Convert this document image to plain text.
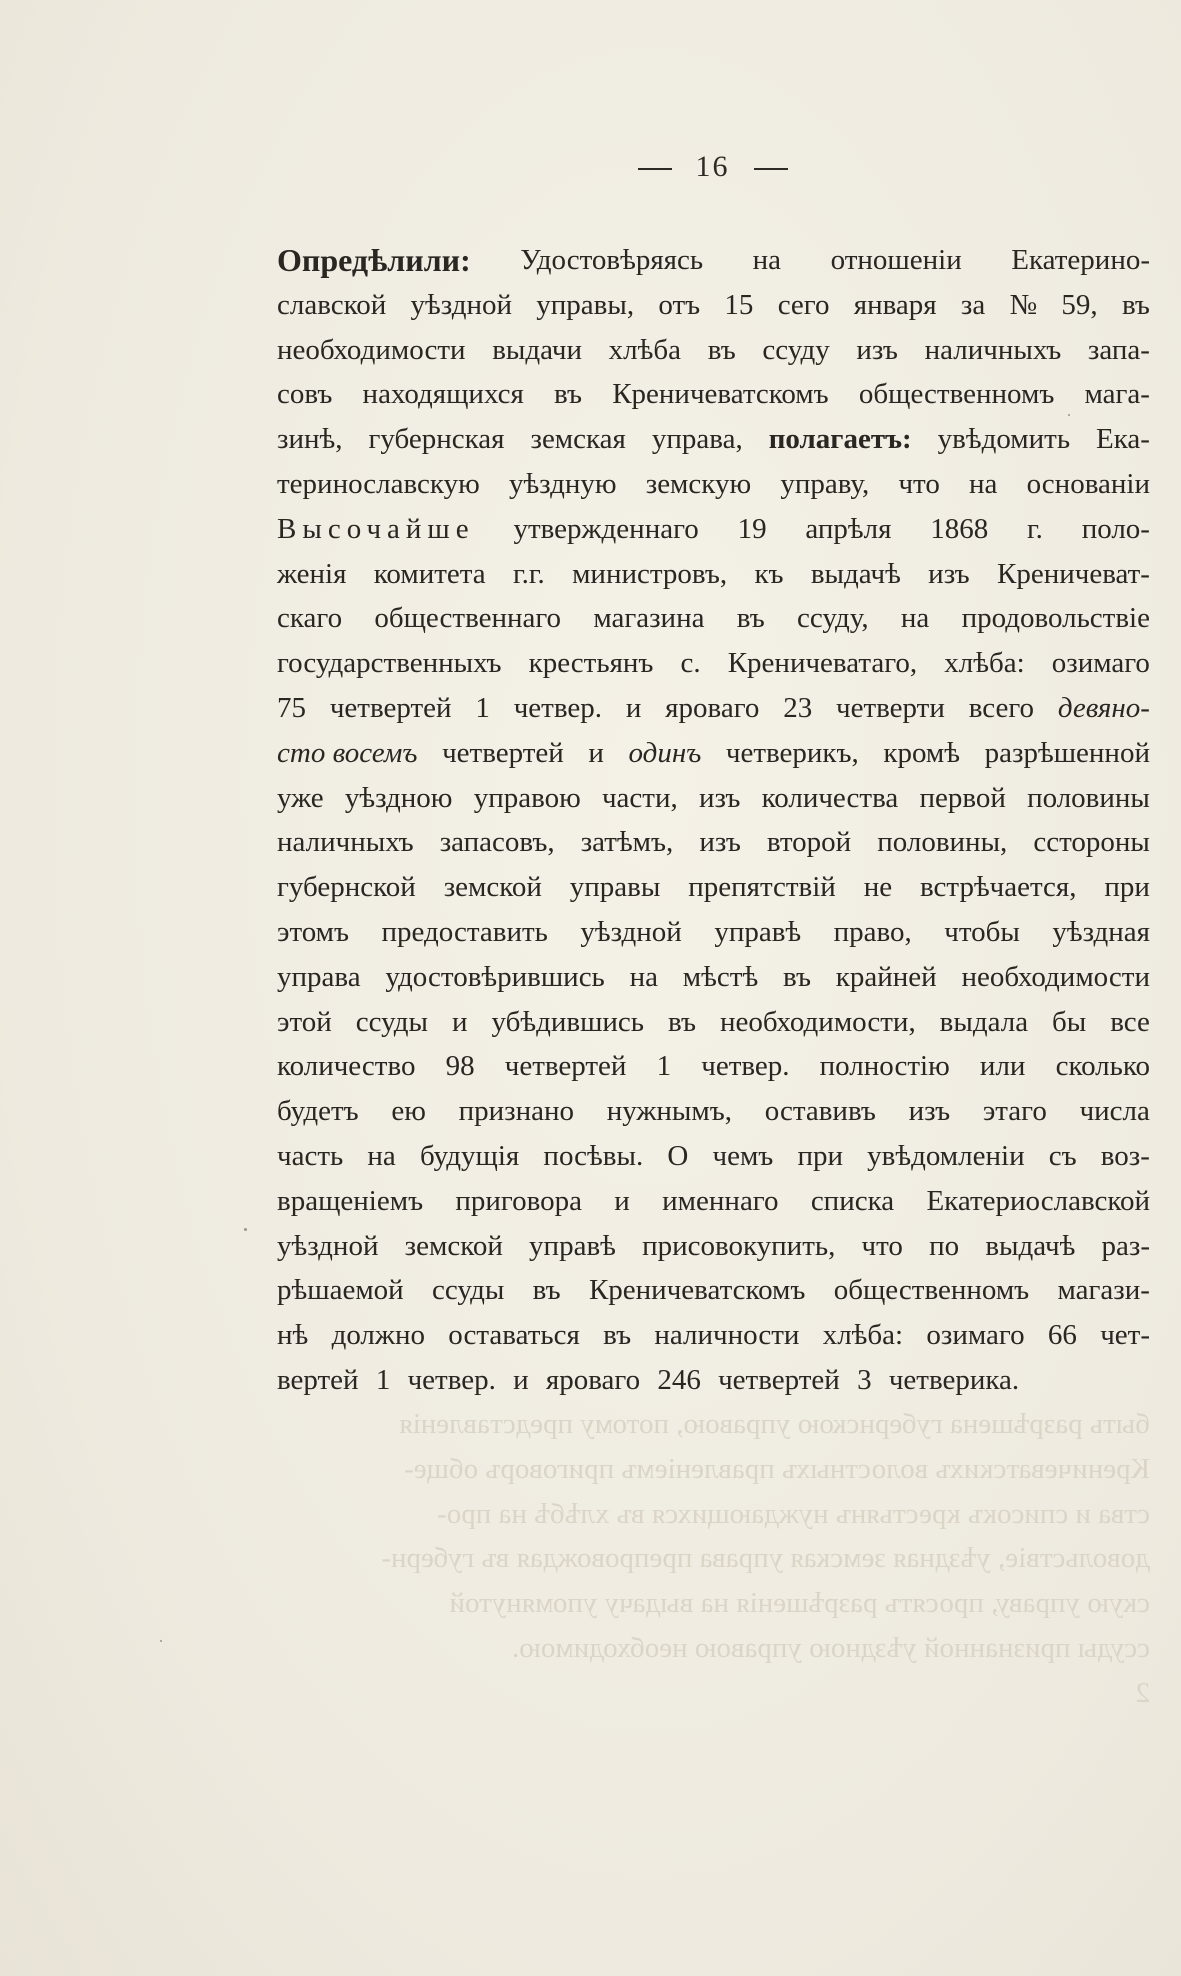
16
Опредѣлили: Удостовѣряясь на отношеніи Екатерино-
славской уѣздной управы, отъ 15 сего января за № 59, въ
необходимости выдачи хлѣба въ ссуду изъ наличныхъ запа-
совъ находящихся въ Креничеватскомъ общественномъ мага-
зинѣ, губернская земская управа, полагаетъ: увѣдомить Ека-
теринославскую уѣздную земскую управу, что на основаніи
Высочайше утвержденнаго 19 апрѣля 1868 г. поло-
женія комитета г.г. министровъ, къ выдачѣ изъ Креничеват-
скаго общественнаго магазина въ ссуду, на продовольствіе
государственныхъ крестьянъ с. Креничеватаго, хлѣба: озимаго
75 четвертей 1 четвер. и яроваго 23 четверти всего девяно-
сто восемъ четвертей и одинъ четверикъ, кромѣ разрѣшенной
уже уѣздною управою части, изъ количества первой половины
наличныхъ запасовъ, затѣмъ, изъ второй половины, сстороны
губернской земской управы препятствій не встрѣчается, при
этомъ предоставить уѣздной управѣ право, чтобы уѣздная
управа удостовѣрившись на мѣстѣ въ крайней необходимости
этой ссуды и убѣдившись въ необходимости, выдала бы все
количество 98 четвертей 1 четвер. полностію или сколько
будетъ ею признано нужнымъ, оставивъ изъ этаго числа
часть на будущія посѣвы. О чемъ при увѣдомленіи съ воз-
вращеніемъ приговора и именнаго списка Екатериославской
уѣздной земской управѣ присовокупить, что по выдачѣ раз-
рѣшаемой ссуды въ Креничеватскомъ общественномъ магази-
нѣ должно оставаться въ наличности хлѣба: озимаго 66 чет-
вертей
1
четвер.
и
яроваго
246
четвертей
3
четверика.
быть разрѣшена губернскою управою, потому представленія
Креничеватскихъ волостныхъ правленіемъ приговоръ обще-
ства и списокъ крестьянъ нуждающихся въ хлѣбѣ на про-
довольствіе, уѣздная земская управа препровождая въ губерн-
скую управу, просятъ разрѣшенія на выдачу упомянутой
ссуды признанной уѣздною управою необходимою.
2
